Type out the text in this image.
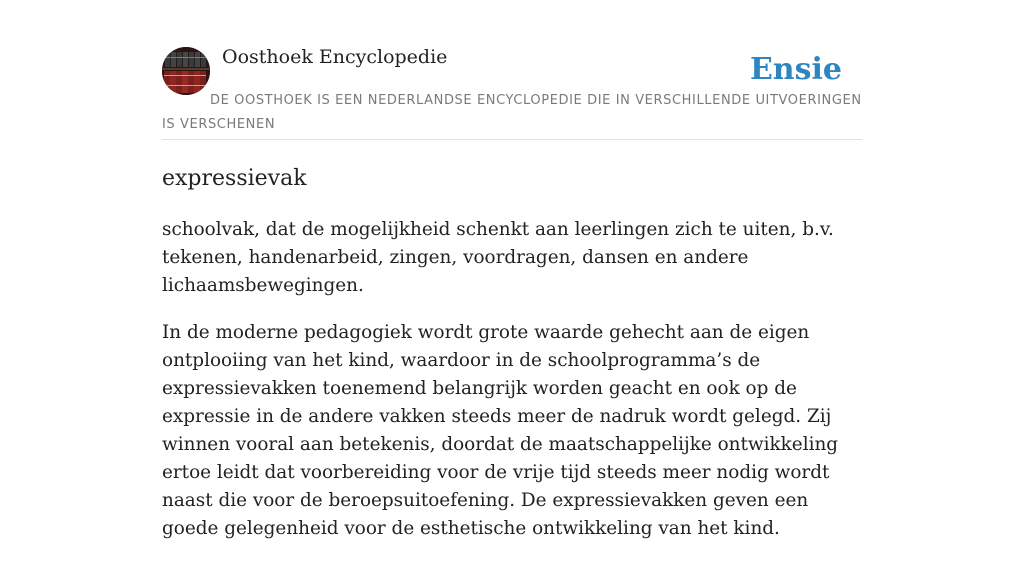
Oosthoek Encyclopedie	Ensie
DE OOSTHOEK IS EEN NEDERLANDSE ENCYCLOPEDIE DIE IN VERSCHILLENDE UITVOERINGEN IS VERSCHENEN
expressievak

schoolvak, dat de mogelijkheid schenkt aan leerlingen zich te uiten, b.v. tekenen, handenarbeid, zingen, voordragen, dansen en andere lichaamsbewegingen.

In de moderne pedagogiek wordt grote waarde gehecht aan de eigen ontplooiing van het kind, waardoor in de schoolprogramma’s de expressievakken toenemend belangrijk worden geacht en ook op de expressie in de andere vakken steeds meer de nadruk wordt gelegd. Zij winnen vooral aan betekenis, doordat de maatschappelijke ontwikkeling ertoe leidt dat voorbereiding voor de vrije tijd steeds meer nodig wordt naast die voor de beroepsuitoefening. De expressievakken geven een goede gelegenheid voor de esthetische ontwikkeling van het kind.
